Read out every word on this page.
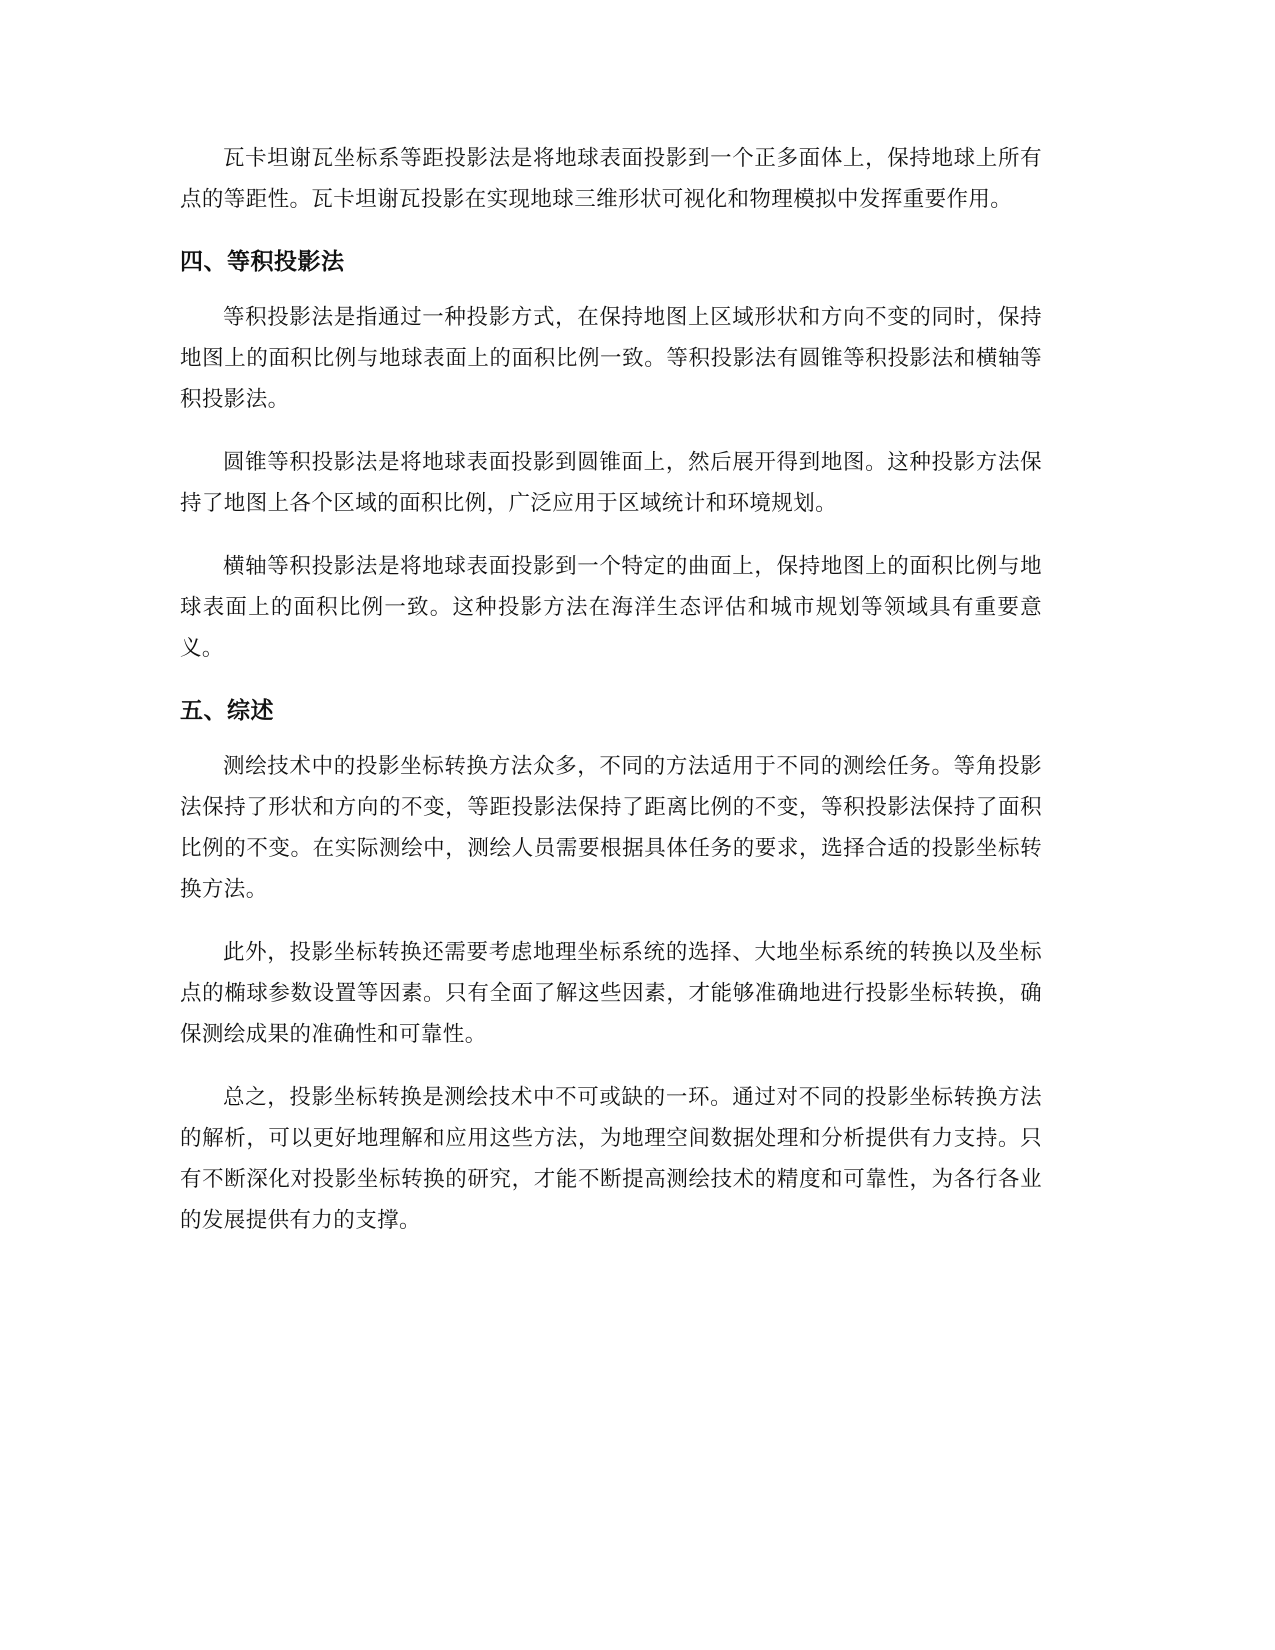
瓦卡坦谢瓦坐标系等距投影法是将地球表面投影到一个正多面体上，保持地球上所有点的等距性。瓦卡坦谢瓦投影在实现地球三维形状可视化和物理模拟中发挥重要作用。

四、等积投影法

等积投影法是指通过一种投影方式，在保持地图上区域形状和方向不变的同时，保持地图上的面积比例与地球表面上的面积比例一致。等积投影法有圆锥等积投影法和横轴等积投影法。

圆锥等积投影法是将地球表面投影到圆锥面上，然后展开得到地图。这种投影方法保持了地图上各个区域的面积比例，广泛应用于区域统计和环境规划。

横轴等积投影法是将地球表面投影到一个特定的曲面上，保持地图上的面积比例与地球表面上的面积比例一致。这种投影方法在海洋生态评估和城市规划等领域具有重要意义。

五、综述

测绘技术中的投影坐标转换方法众多，不同的方法适用于不同的测绘任务。等角投影法保持了形状和方向的不变，等距投影法保持了距离比例的不变，等积投影法保持了面积比例的不变。在实际测绘中，测绘人员需要根据具体任务的要求，选择合适的投影坐标转换方法。

此外，投影坐标转换还需要考虑地理坐标系统的选择、大地坐标系统的转换以及坐标点的椭球参数设置等因素。只有全面了解这些因素，才能够准确地进行投影坐标转换，确保测绘成果的准确性和可靠性。

总之，投影坐标转换是测绘技术中不可或缺的一环。通过对不同的投影坐标转换方法的解析，可以更好地理解和应用这些方法，为地理空间数据处理和分析提供有力支持。只有不断深化对投影坐标转换的研究，才能不断提高测绘技术的精度和可靠性，为各行各业的发展提供有力的支撑。
